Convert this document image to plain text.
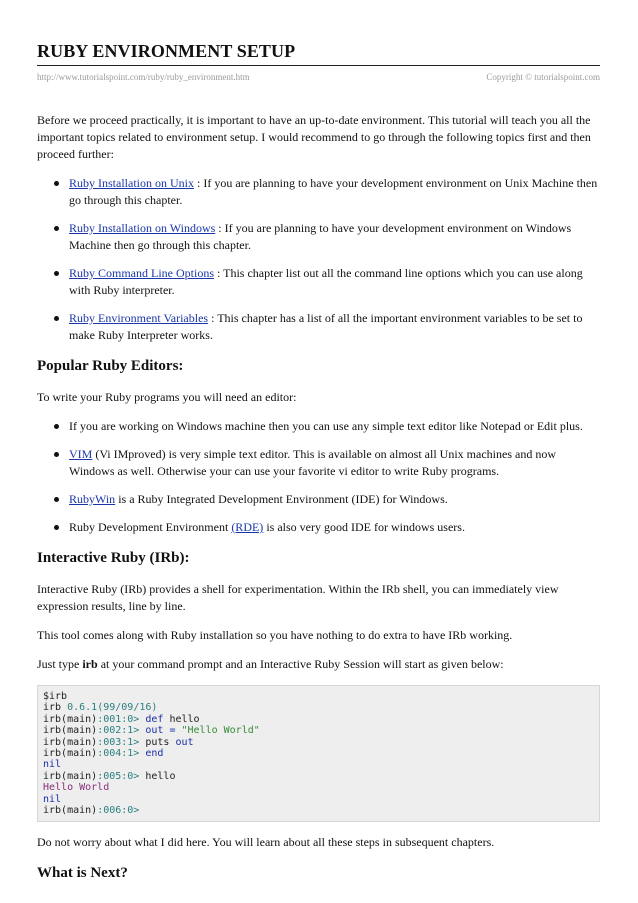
RUBY ENVIRONMENT SETUP
http://www.tutorialspoint.com/ruby/ruby_environment.htm	Copyright © tutorialspoint.com

Before we proceed practically, it is important to have an up-to-date environment. This tutorial will teach you all the important topics related to environment setup. I would recommend to go through the following topics first and then proceed further:

Ruby Installation on Unix : If you are planning to have your development environment on Unix Machine then go through this chapter.
Ruby Installation on Windows : If you are planning to have your development environment on Windows Machine then go through this chapter.
Ruby Command Line Options : This chapter list out all the command line options which you can use along with Ruby interpreter.
Ruby Environment Variables : This chapter has a list of all the important environment variables to be set to make Ruby Interpreter works.
Popular Ruby Editors:

To write your Ruby programs you will need an editor:

If you are working on Windows machine then you can use any simple text editor like Notepad or Edit plus.
VIM (Vi IMproved) is very simple text editor. This is available on almost all Unix machines and now Windows as well. Otherwise your can use your favorite vi editor to write Ruby programs.
RubyWin is a Ruby Integrated Development Environment (IDE) for Windows.
Ruby Development Environment (RDE) is also very good IDE for windows users.
Interactive Ruby (IRb):

Interactive Ruby (IRb) provides a shell for experimentation. Within the IRb shell, you can immediately view expression results, line by line.

This tool comes along with Ruby installation so you have nothing to do extra to have IRb working.

Just type irb at your command prompt and an Interactive Ruby Session will start as given below:

$irb
irb 0.6.1(99/09/16)
irb(main):001:0> def hello
irb(main):002:1> out = "Hello World"
irb(main):003:1> puts out
irb(main):004:1> end
nil
irb(main):005:0> hello
Hello World
nil
irb(main):006:0>

Do not worry about what I did here. You will learn about all these steps in subsequent chapters.

What is Next?
